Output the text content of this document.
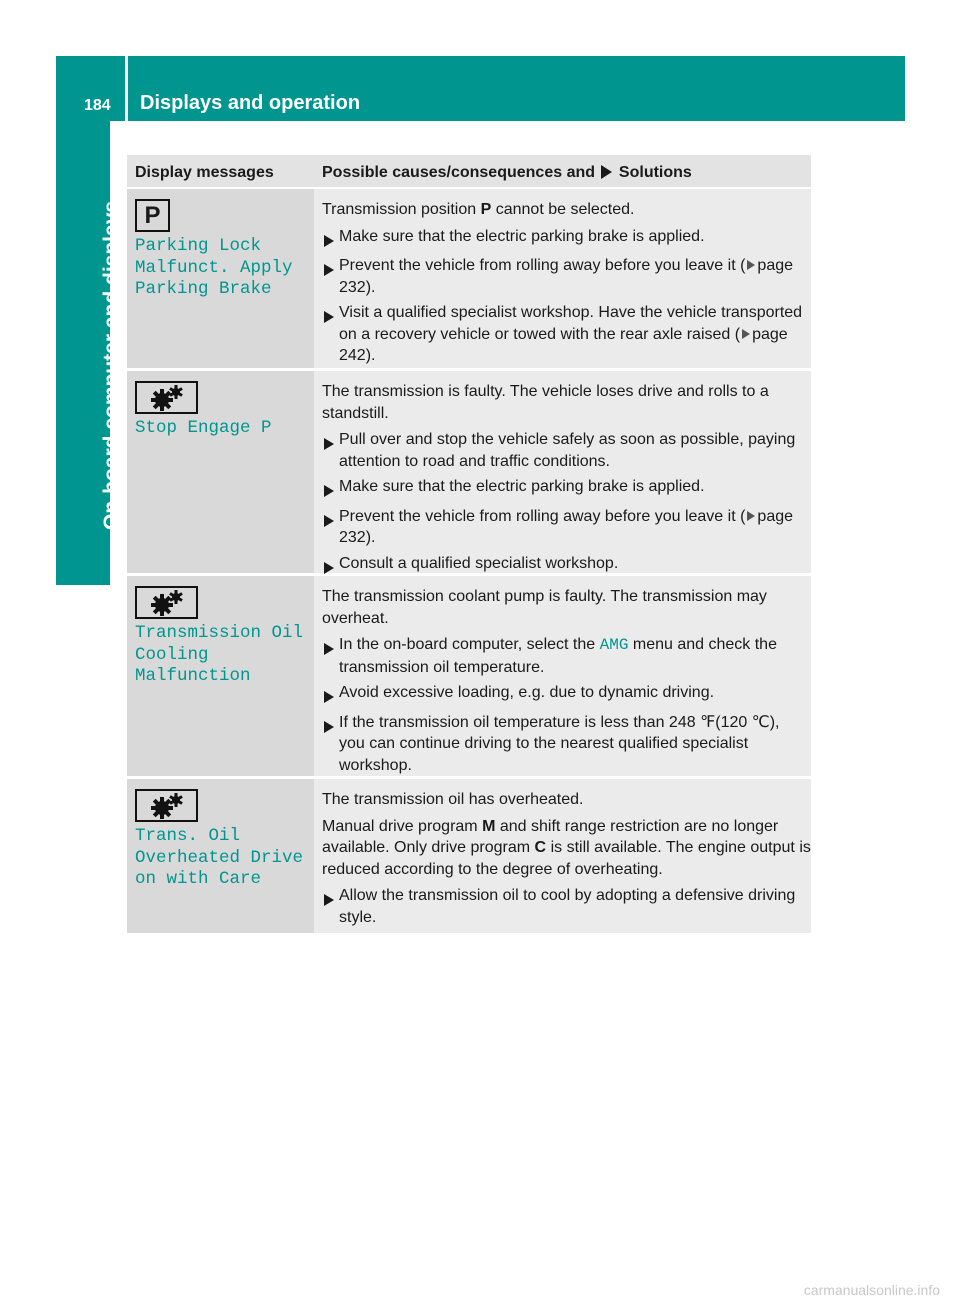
184 Displays and operation
On-board computer and displays
Display messages	Possible causes/consequences and Solutions
P
Parking Lock
Malfunct. Apply
Parking Brake
Transmission position P cannot be selected.
Make sure that the electric parking brake is applied.
Prevent the vehicle from rolling away before you leave it ( page 232).
Visit a qualified specialist workshop. Have the vehicle transported on a recovery vehicle or towed with the rear axle raised ( page 242).
Stop Engage P
The transmission is faulty. The vehicle loses drive and rolls to a standstill.
Pull over and stop the vehicle safely as soon as possible, paying attention to road and traffic conditions.
Make sure that the electric parking brake is applied.
Prevent the vehicle from rolling away before you leave it ( page 232).
Consult a qualified specialist workshop.
Transmission Oil
Cooling
Malfunction
The transmission coolant pump is faulty. The transmission may overheat.
In the on-board computer, select the AMG menu and check the transmission oil temperature.
Avoid excessive loading, e.g. due to dynamic driving.
If the transmission oil temperature is less than 248 ℉(120 ℃), you can continue driving to the nearest qualified specialist workshop.
Trans. Oil
Overheated Drive
on with Care
The transmission oil has overheated.
Manual drive program M and shift range restriction are no longer available. Only drive program C is still available. The engine output is reduced according to the degree of overheating.
Allow the transmission oil to cool by adopting a defensive driving style.
carmanualsonline.info
